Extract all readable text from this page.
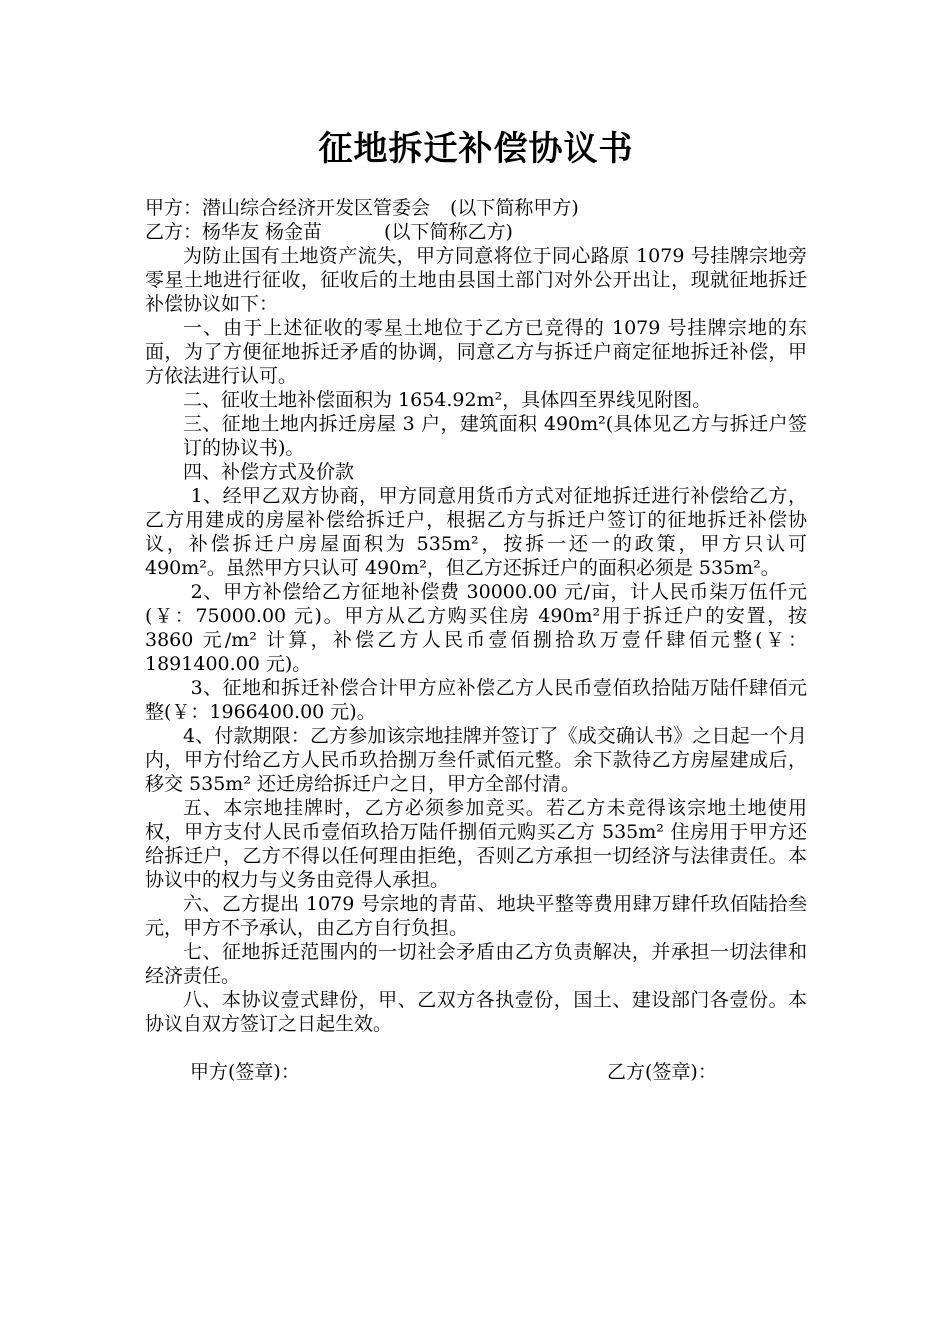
征地拆迁补偿协议书

甲方：潜山综合经济开发区管委会 (以下简称甲方)

乙方：杨华友 杨金苗	(以下简称乙方)

为防止国有土地资产流失，甲方同意将位于同心路原 1079 号挂牌宗地旁零星土地进行征收，征收后的土地由县国土部门对外公开出让，现就征地拆迁补偿协议如下：

一、由于上述征收的零星土地位于乙方已竞得的 1079 号挂牌宗地的东面，为了方便征地拆迁矛盾的协调，同意乙方与拆迁户商定征地拆迁补偿，甲方依法进行认可。

二、征收土地补偿面积为 1654.92m²，具体四至界线见附图。

三、征地土地内拆迁房屋 3 户，建筑面积 490m²(具体见乙方与拆迁户签订的协议书)。

四、补偿方式及价款

1、经甲乙双方协商，甲方同意用货币方式对征地拆迁进行补偿给乙方，乙方用建成的房屋补偿给拆迁户，根据乙方与拆迁户签订的征地拆迁补偿协议，补偿拆迁户房屋面积为 535m²，按拆一还一的政策，甲方只认可 490m²。虽然甲方只认可 490m²，但乙方还拆迁户的面积必须是 535m²。

2、甲方补偿给乙方征地补偿费 30000.00 元/亩，计人民币柒万伍仟元(￥：75000.00 元)。甲方从乙方购买住房 490m²用于拆迁户的安置，按 3860 元/m² 计算，补偿乙方人民币壹佰捌拾玖万壹仟肆佰元整(￥：1891400.00 元)。

3、征地和拆迁补偿合计甲方应补偿乙方人民币壹佰玖拾陆万陆仟肆佰元整(￥：1966400.00 元)。

4、付款期限：乙方参加该宗地挂牌并签订了《成交确认书》之日起一个月内，甲方付给乙方人民币玖拾捌万叁仟贰佰元整。余下款待乙方房屋建成后，移交 535m² 还迁房给拆迁户之日，甲方全部付清。

五、本宗地挂牌时，乙方必须参加竞买。若乙方未竞得该宗地土地使用权，甲方支付人民币壹佰玖拾万陆仟捌佰元购买乙方 535m² 住房用于甲方还给拆迁户，乙方不得以任何理由拒绝，否则乙方承担一切经济与法律责任。本协议中的权力与义务由竞得人承担。

六、乙方提出 1079 号宗地的青苗、地块平整等费用肆万肆仟玖佰陆拾叁元，甲方不予承认，由乙方自行负担。

七、征地拆迁范围内的一切社会矛盾由乙方负责解决，并承担一切法律和经济责任。

八、本协议壹式肆份，甲、乙双方各执壹份，国土、建设部门各壹份。本协议自双方签订之日起生效。

甲方(签章)：	乙方(签章)：
